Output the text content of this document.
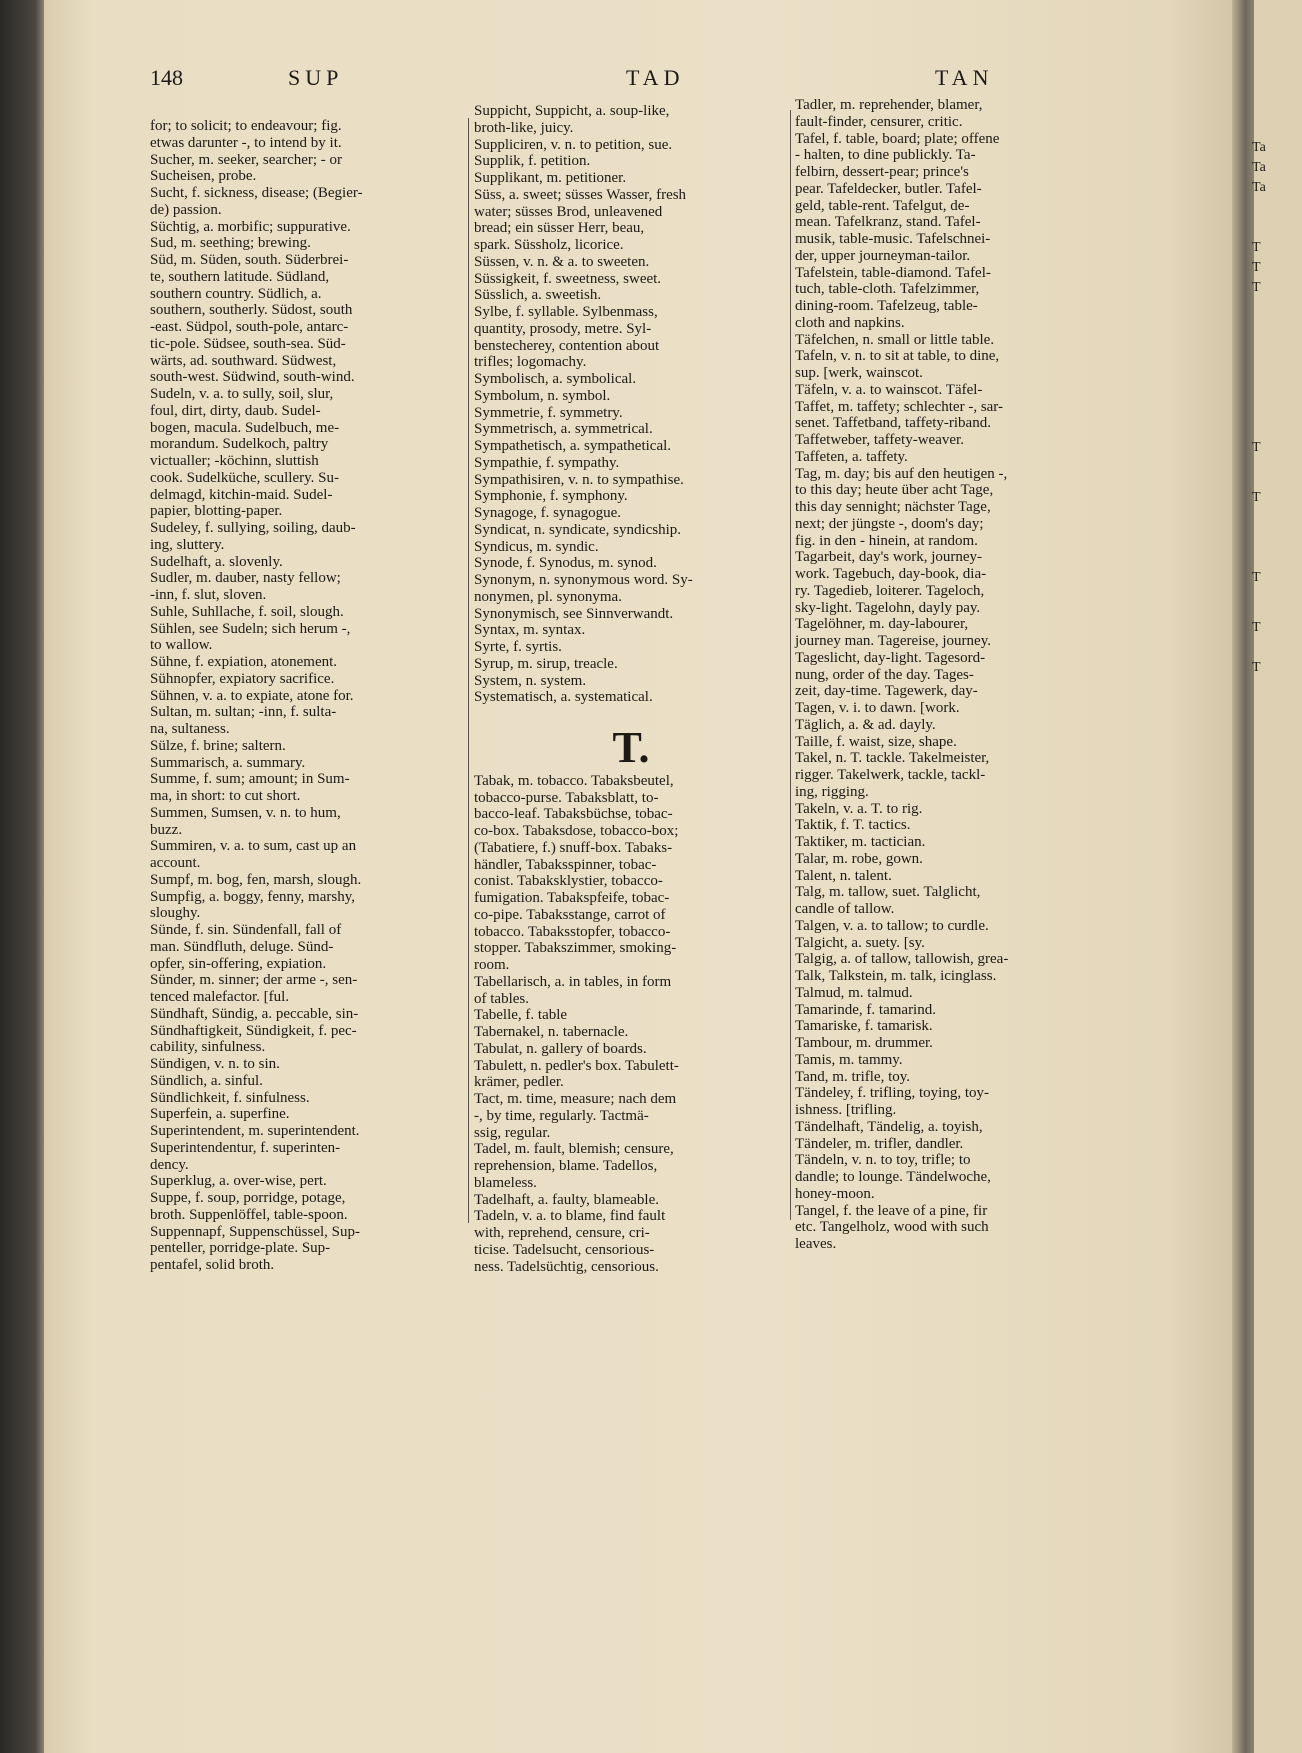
148	SUP	TAD	TAN
for; to solicit; to endeavour; fig.
etwas darunter -, to intend by it.
Sucher, m. seeker, searcher; - or
Sucheisen, probe.
Sucht, f. sickness, disease; (Begier-
de) passion.
Süchtig, a. morbific; suppurative.
Sud, m. seething; brewing.
Süd, m. Süden, south. Süderbrei-
te, southern latitude. Südland,
southern country. Südlich, a.
southern, southerly. Südost, south
-east. Südpol, south-pole, antarc-
tic-pole. Südsee, south-sea. Süd-
wärts, ad. southward. Südwest,
south-west. Südwind, south-wind.
Sudeln, v. a. to sully, soil, slur,
foul, dirt, dirty, daub. Sudel-
bogen, macula. Sudelbuch, me-
morandum. Sudelkoch, paltry
victualler; -köchinn, sluttish
cook. Sudelküche, scullery. Su-
delmagd, kitchin-maid. Sudel-
papier, blotting-paper.
Sudeley, f. sullying, soiling, daub-
ing, sluttery.
Sudelhaft, a. slovenly.
Sudler, m. dauber, nasty fellow;
-inn, f. slut, sloven.
Suhle, Suhllache, f. soil, slough.
Sühlen, see Sudeln; sich herum -,
to wallow.
Sühne, f. expiation, atonement.
Sühnopfer, expiatory sacrifice.
Sühnen, v. a. to expiate, atone for.
Sultan, m. sultan; -inn, f. sulta-
na, sultaness.
Sülze, f. brine; saltern.
Summarisch, a. summary.
Summe, f. sum; amount; in Sum-
ma, in short: to cut short.
Summen, Sumsen, v. n. to hum,
buzz.
Summiren, v. a. to sum, cast up an
account.
Sumpf, m. bog, fen, marsh, slough.
Sumpfig, a. boggy, fenny, marshy,
sloughy.
Sünde, f. sin. Sündenfall, fall of
man. Sündfluth, deluge. Sünd-
opfer, sin-offering, expiation.
Sünder, m. sinner; der arme -, sen-
tenced malefactor. [ful.
Sündhaft, Sündig, a. peccable, sin-
Sündhaftigkeit, Sündigkeit, f. pec-
cability, sinfulness.
Sündigen, v. n. to sin.
Sündlich, a. sinful.
Sündlichkeit, f. sinfulness.
Superfein, a. superfine.
Superintendent, m. superintendent.
Superintendentur, f. superinten-
dency.
Superklug, a. over-wise, pert.
Suppe, f. soup, porridge, potage,
broth. Suppenlöffel, table-spoon.
Suppennapf, Suppenschüssel, Sup-
penteller, porridge-plate. Sup-
pentafel, solid broth.
Suppicht, Suppicht, a. soup-like,
broth-like, juicy.
Suppliciren, v. n. to petition, sue.
Supplik, f. petition.
Supplikant, m. petitioner.
Süss, a. sweet; süsses Wasser, fresh
water; süsses Brod, unleavened
bread; ein süsser Herr, beau,
spark. Süssholz, licorice.
Süssen, v. n. & a. to sweeten.
Süssigkeit, f. sweetness, sweet.
Süsslich, a. sweetish.
Sylbe, f. syllable. Sylbenmass,
quantity, prosody, metre. Syl-
benstecherey, contention about
trifles; logomachy.
Symbolisch, a. symbolical.
Symbolum, n. symbol.
Symmetrie, f. symmetry.
Symmetrisch, a. symmetrical.
Sympathetisch, a. sympathetical.
Sympathie, f. sympathy.
Sympathisiren, v. n. to sympathise.
Symphonie, f. symphony.
Synagoge, f. synagogue.
Syndicat, n. syndicate, syndicship.
Syndicus, m. syndic.
Synode, f. Synodus, m. synod.
Synonym, n. synonymous word. Sy-
nonymen, pl. synonyma.
Synonymisch, see Sinnverwandt.
Syntax, m. syntax.
Syrte, f. syrtis.
Syrup, m. sirup, treacle.
System, n. system.
Systematisch, a. systematical.
T.
Tabak, m. tobacco. Tabaksbeutel,
tobacco-purse. Tabaksblatt, to-
bacco-leaf. Tabaksbüchse, tobac-
co-box. Tabaksdose, tobacco-box;
(Tabatiere, f.) snuff-box. Tabaks-
händler, Tabaksspinner, tobac-
conist. Tabaksklystier, tobacco-
fumigation. Tabakspfeife, tobac-
co-pipe. Tabaksstange, carrot of
tobacco. Tabaksstopfer, tobacco-
stopper. Tabakszimmer, smoking-
room.
Tabellarisch, a. in tables, in form
of tables.
Tabelle, f. table
Tabernakel, n. tabernacle.
Tabulat, n. gallery of boards.
Tabulett, n. pedler's box. Tabulett-
krämer, pedler.
Tact, m. time, measure; nach dem
-, by time, regularly. Tactmä-
ssig, regular.
Tadel, m. fault, blemish; censure,
reprehension, blame. Tadellos,
blameless.
Tadelhaft, a. faulty, blameable.
Tadeln, v. a. to blame, find fault
with, reprehend, censure, cri-
ticise. Tadelsucht, censorious-
ness. Tadelsüchtig, censorious.
Tadler, m. reprehender, blamer,
fault-finder, censurer, critic.
Tafel, f. table, board; plate; offene
- halten, to dine publickly. Ta-
felbirn, dessert-pear; prince's
pear. Tafeldecker, butler. Tafel-
geld, table-rent. Tafelgut, de-
mean. Tafelkranz, stand. Tafel-
musik, table-music. Tafelschnei-
der, upper journeyman-tailor.
Tafelstein, table-diamond. Tafel-
tuch, table-cloth. Tafelzimmer,
dining-room. Tafelzeug, table-
cloth and napkins.
Täfelchen, n. small or little table.
Tafeln, v. n. to sit at table, to dine,
sup. [werk, wainscot.
Täfeln, v. a. to wainscot. Täfel-
Taffet, m. taffety; schlechter -, sar-
senet. Taffetband, taffety-riband.
Taffetweber, taffety-weaver.
Taffeten, a. taffety.
Tag, m. day; bis auf den heutigen -,
to this day; heute über acht Tage,
this day sennight; nächster Tage,
next; der jüngste -, doom's day;
fig. in den - hinein, at random.
Tagarbeit, day's work, journey-
work. Tagebuch, day-book, dia-
ry. Tagedieb, loiterer. Tageloch,
sky-light. Tagelohn, dayly pay.
Tagelöhner, m. day-labourer,
journey man. Tagereise, journey.
Tageslicht, day-light. Tagesord-
nung, order of the day. Tages-
zeit, day-time. Tagewerk, day-
Tagen, v. i. to dawn. [work.
Täglich, a. & ad. dayly.
Taille, f. waist, size, shape.
Takel, n. T. tackle. Takelmeister,
rigger. Takelwerk, tackle, tackl-
ing, rigging.
Takeln, v. a. T. to rig.
Taktik, f. T. tactics.
Taktiker, m. tactician.
Talar, m. robe, gown.
Talent, n. talent.
Talg, m. tallow, suet. Talglicht,
candle of tallow.
Talgen, v. a. to tallow; to curdle.
Talgicht, a. suety. [sy.
Talgig, a. of tallow, tallowish, grea-
Talk, Talkstein, m. talk, icinglass.
Talmud, m. talmud.
Tamarinde, f. tamarind.
Tamariske, f. tamarisk.
Tambour, m. drummer.
Tamis, m. tammy.
Tand, m. trifle, toy.
Tändeley, f. trifling, toying, toy-
ishness. [trifling.
Tändelhaft, Tändelig, a. toyish,
Tändeler, m. trifler, dandler.
Tändeln, v. n. to toy, trifle; to
dandle; to lounge. Tändelwoche,
honey-moon.
Tangel, f. the leave of a pine, fir
etc. Tangelholz, wood with such
leaves.
Ta
Ta
Ta
T
T
T
T
T
T
T
T
